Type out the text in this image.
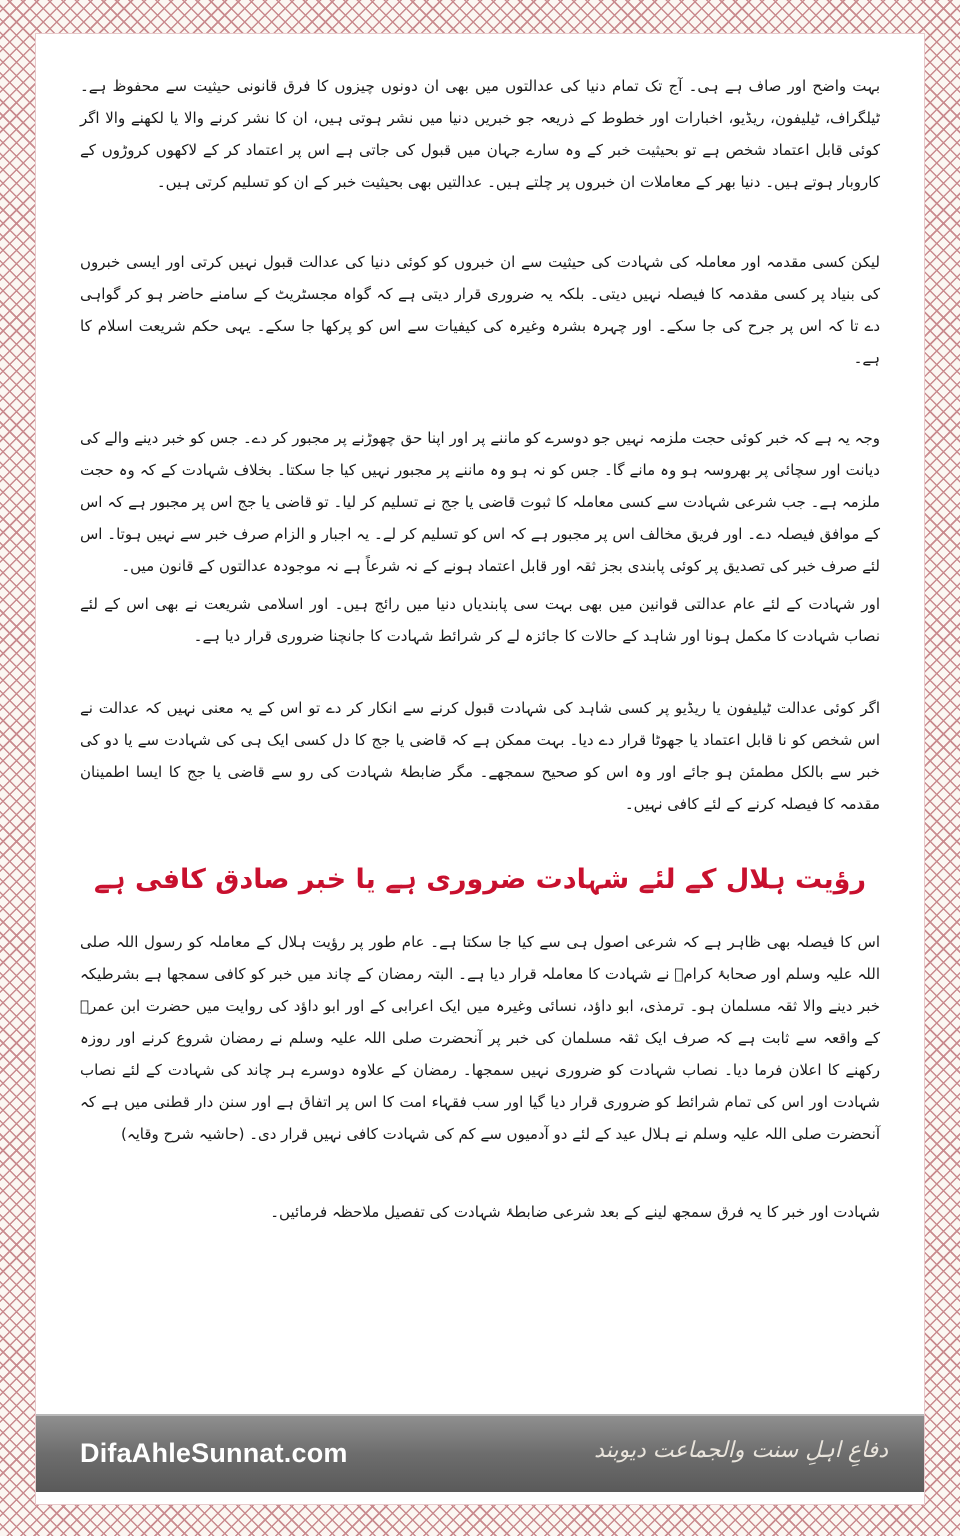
بہت واضح اور صاف ہے ہی۔ آج تک تمام دنیا کی عدالتوں میں بھی ان دونوں چیزوں کا فرق قانونی حیثیت سے محفوظ ہے۔ ٹیلگراف، ٹیلیفون، ریڈیو، اخبارات اور خطوط کے ذریعہ جو خبریں دنیا میں نشر ہوتی ہیں، ان کا نشر کرنے والا یا لکھنے والا اگر کوئی قابل اعتماد شخص ہے تو بحیثیت خبر کے وہ سارے جہان میں قبول کی جاتی ہے اس پر اعتماد کر کے لاکھوں کروڑوں کے کاروبار ہوتے ہیں۔ دنیا بھر کے معاملات ان خبروں پر چلتے ہیں۔ عدالتیں بھی بحیثیت خبر کے ان کو تسلیم کرتی ہیں۔

لیکن کسی مقدمہ اور معاملہ کی شہادت کی حیثیت سے ان خبروں کو کوئی دنیا کی عدالت قبول نہیں کرتی اور ایسی خبروں کی بنیاد پر کسی مقدمہ کا فیصلہ نہیں دیتی۔ بلکہ یہ ضروری قرار دیتی ہے کہ گواہ مجسٹریٹ کے سامنے حاضر ہو کر گواہی دے تا کہ اس پر جرح کی جا سکے۔ اور چہرہ بشرہ وغیرہ کی کیفیات سے اس کو پرکھا جا سکے۔ یہی حکم شریعت اسلام کا ہے۔

وجہ یہ ہے کہ خبر کوئی حجت ملزمہ نہیں جو دوسرے کو ماننے پر اور اپنا حق چھوڑنے پر مجبور کر دے۔ جس کو خبر دینے والے کی دیانت اور سچائی پر بھروسہ ہو وہ مانے گا۔ جس کو نہ ہو وہ ماننے پر مجبور نہیں کیا جا سکتا۔ بخلاف شہادت کے کہ وہ حجت ملزمہ ہے۔ جب شرعی شہادت سے کسی معاملہ کا ثبوت قاضی یا جج نے تسلیم کر لیا۔ تو قاضی یا جج اس پر مجبور ہے کہ اس کے موافق فیصلہ دے۔ اور فریق مخالف اس پر مجبور ہے کہ اس کو تسلیم کر لے۔ یہ اجبار و الزام صرف خبر سے نہیں ہوتا۔ اس لئے صرف خبر کی تصدیق پر کوئی پابندی بجز ثقہ اور قابل اعتماد ہونے کے نہ شرعاً ہے نہ موجودہ عدالتوں کے قانون میں۔

اور شہادت کے لئے عام عدالتی قوانین میں بھی بہت سی پابندیاں دنیا میں رائج ہیں۔ اور اسلامی شریعت نے بھی اس کے لئے نصاب شہادت کا مکمل ہونا اور شاہد کے حالات کا جائزہ لے کر شرائط شہادت کا جانچنا ضروری قرار دیا ہے۔

اگر کوئی عدالت ٹیلیفون یا ریڈیو پر کسی شاہد کی شہادت قبول کرنے سے انکار کر دے تو اس کے یہ معنی نہیں کہ عدالت نے اس شخص کو نا قابل اعتماد یا جھوٹا قرار دے دیا۔ بہت ممکن ہے کہ قاضی یا جج کا دل کسی ایک ہی کی شہادت سے یا دو کی خبر سے بالکل مطمئن ہو جائے اور وہ اس کو صحیح سمجھے۔ مگر ضابطۂ شہادت کی رو سے قاضی یا جج کا ایسا اطمینان مقدمہ کا فیصلہ کرنے کے لئے کافی نہیں۔

رؤیت ہلال کے لئے شہادت ضروری ہے یا خبر صادق کافی ہے

اس کا فیصلہ بھی ظاہر ہے کہ شرعی اصول ہی سے کیا جا سکتا ہے۔ عام طور پر رؤیت ہلال کے معاملہ کو رسول اللہ صلی اللہ علیہ وسلم اور صحابۂ کرامؓ نے شہادت کا معاملہ قرار دیا ہے۔ البتہ رمضان کے چاند میں خبر کو کافی سمجھا ہے بشرطیکہ خبر دینے والا ثقہ مسلمان ہو۔ ترمذی، ابو داؤد، نسائی وغیرہ میں ایک اعرابی کے اور ابو داؤد کی روایت میں حضرت ابن عمرؓ کے واقعہ سے ثابت ہے کہ صرف ایک ثقہ مسلمان کی خبر پر آنحضرت صلی اللہ علیہ وسلم نے رمضان شروع کرنے اور روزہ رکھنے کا اعلان فرما دیا۔ نصاب شہادت کو ضروری نہیں سمجھا۔ رمضان کے علاوہ دوسرے ہر چاند کی شہادت کے لئے نصاب شہادت اور اس کی تمام شرائط کو ضروری قرار دیا گیا اور سب فقہاء امت کا اس پر اتفاق ہے اور سنن دار قطنی میں ہے کہ آنحضرت صلی اللہ علیہ وسلم نے ہلال عید کے لئے دو آدمیوں سے کم کی شہادت کافی نہیں قرار دی۔ (حاشیہ شرح وقایہ)

شہادت اور خبر کا یہ فرق سمجھ لینے کے بعد شرعی ضابطۂ شہادت کی تفصیل ملاحظہ فرمائیں۔

DifaAhleSunnat.com	دفاعِ اہلِ سنت والجماعت دیوبند
